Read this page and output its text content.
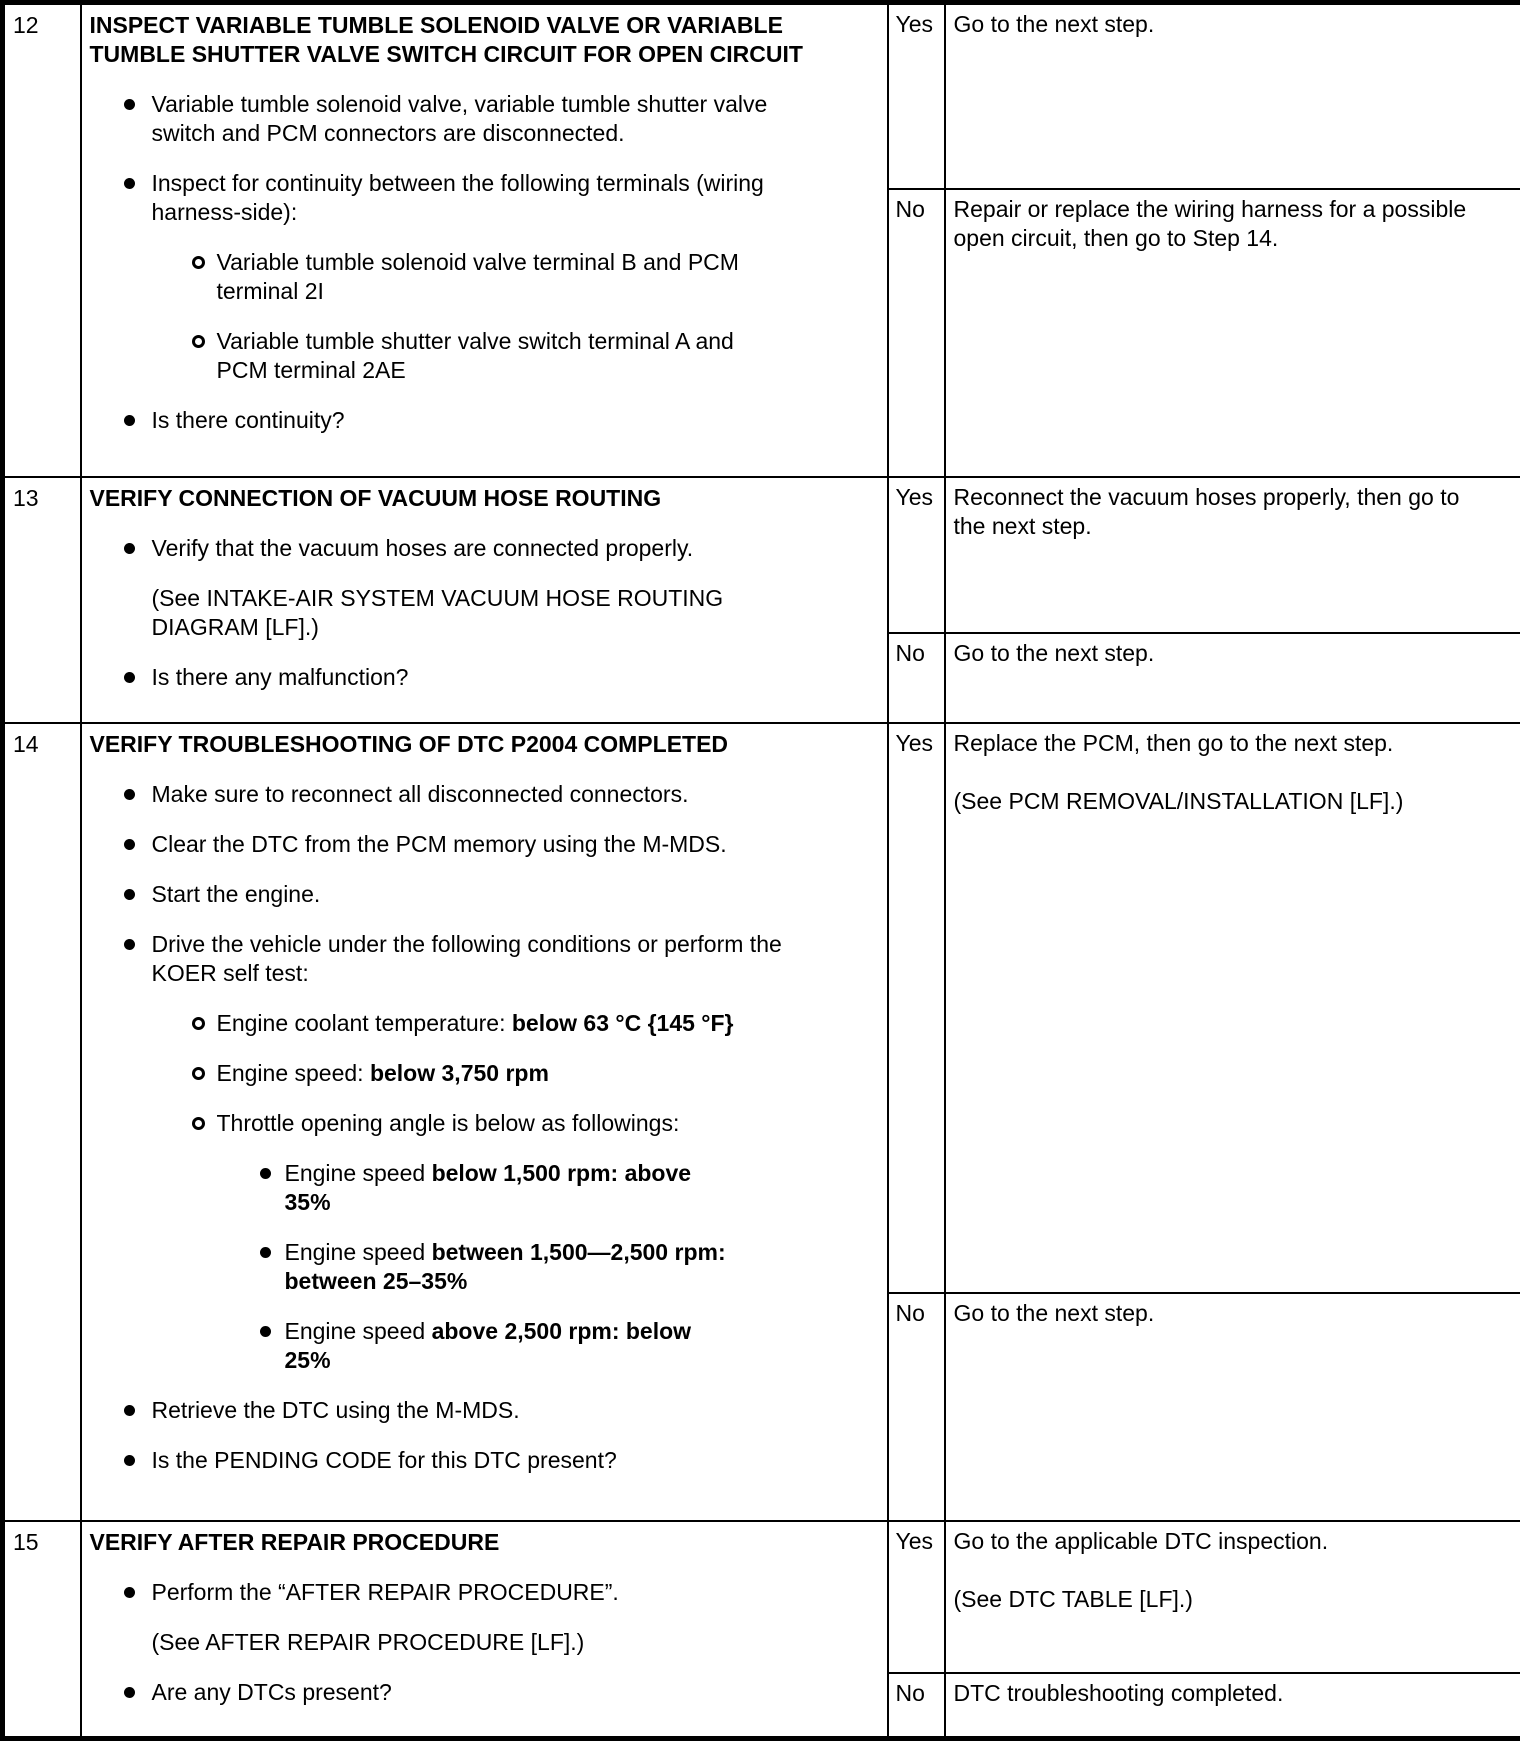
12	INSPECT VARIABLE TUMBLE SOLENOID VALVE OR VARIABLE
TUMBLE SHUTTER VALVE SWITCH CIRCUIT FOR OPEN CIRCUIT
Variable tumble solenoid valve, variable tumble shutter valve
switch and PCM connectors are disconnected.
Inspect for continuity between the following terminals (wiring
harness-side):
Variable tumble solenoid valve terminal B and PCM
terminal 2I
Variable tumble shutter valve switch terminal A and
PCM terminal 2AE
Is there continuity?
	Yes	Go to the next step.

		No	Repair or replace the wiring harness for a possible
open circuit, then go to Step 14.

13	VERIFY CONNECTION OF VACUUM HOSE ROUTING
Verify that the vacuum hoses are connected properly.
(See INTAKE-AIR SYSTEM VACUUM HOSE ROUTING
DIAGRAM [LF].)
Is there any malfunction?
	Yes	Reconnect the vacuum hoses properly, then go to
the next step.

		No	Go to the next step.

14	VERIFY TROUBLESHOOTING OF DTC P2004 COMPLETED
Make sure to reconnect all disconnected connectors.
Clear the DTC from the PCM memory using the M-MDS.
Start the engine.
Drive the vehicle under the following conditions or perform the
KOER self test:
Engine coolant temperature: below 63 °C {145 °F}
Engine speed: below 3,750 rpm
Throttle opening angle is below as followings:
Engine speed below 1,500 rpm: above
35%
Engine speed between 1,500—2,500 rpm:
between 25–35%
Engine speed above 2,500 rpm: below
25%
Retrieve the DTC using the M-MDS.
Is the PENDING CODE for this DTC present?
	Yes	Replace the PCM, then go to the next step.

(See PCM REMOVAL/INSTALLATION [LF].)

		No	Go to the next step.

15	VERIFY AFTER REPAIR PROCEDURE
Perform the “AFTER REPAIR PROCEDURE”.
(See AFTER REPAIR PROCEDURE [LF].)
Are any DTCs present?
	Yes	Go to the applicable DTC inspection.

(See DTC TABLE [LF].)

		No	DTC troubleshooting completed.
